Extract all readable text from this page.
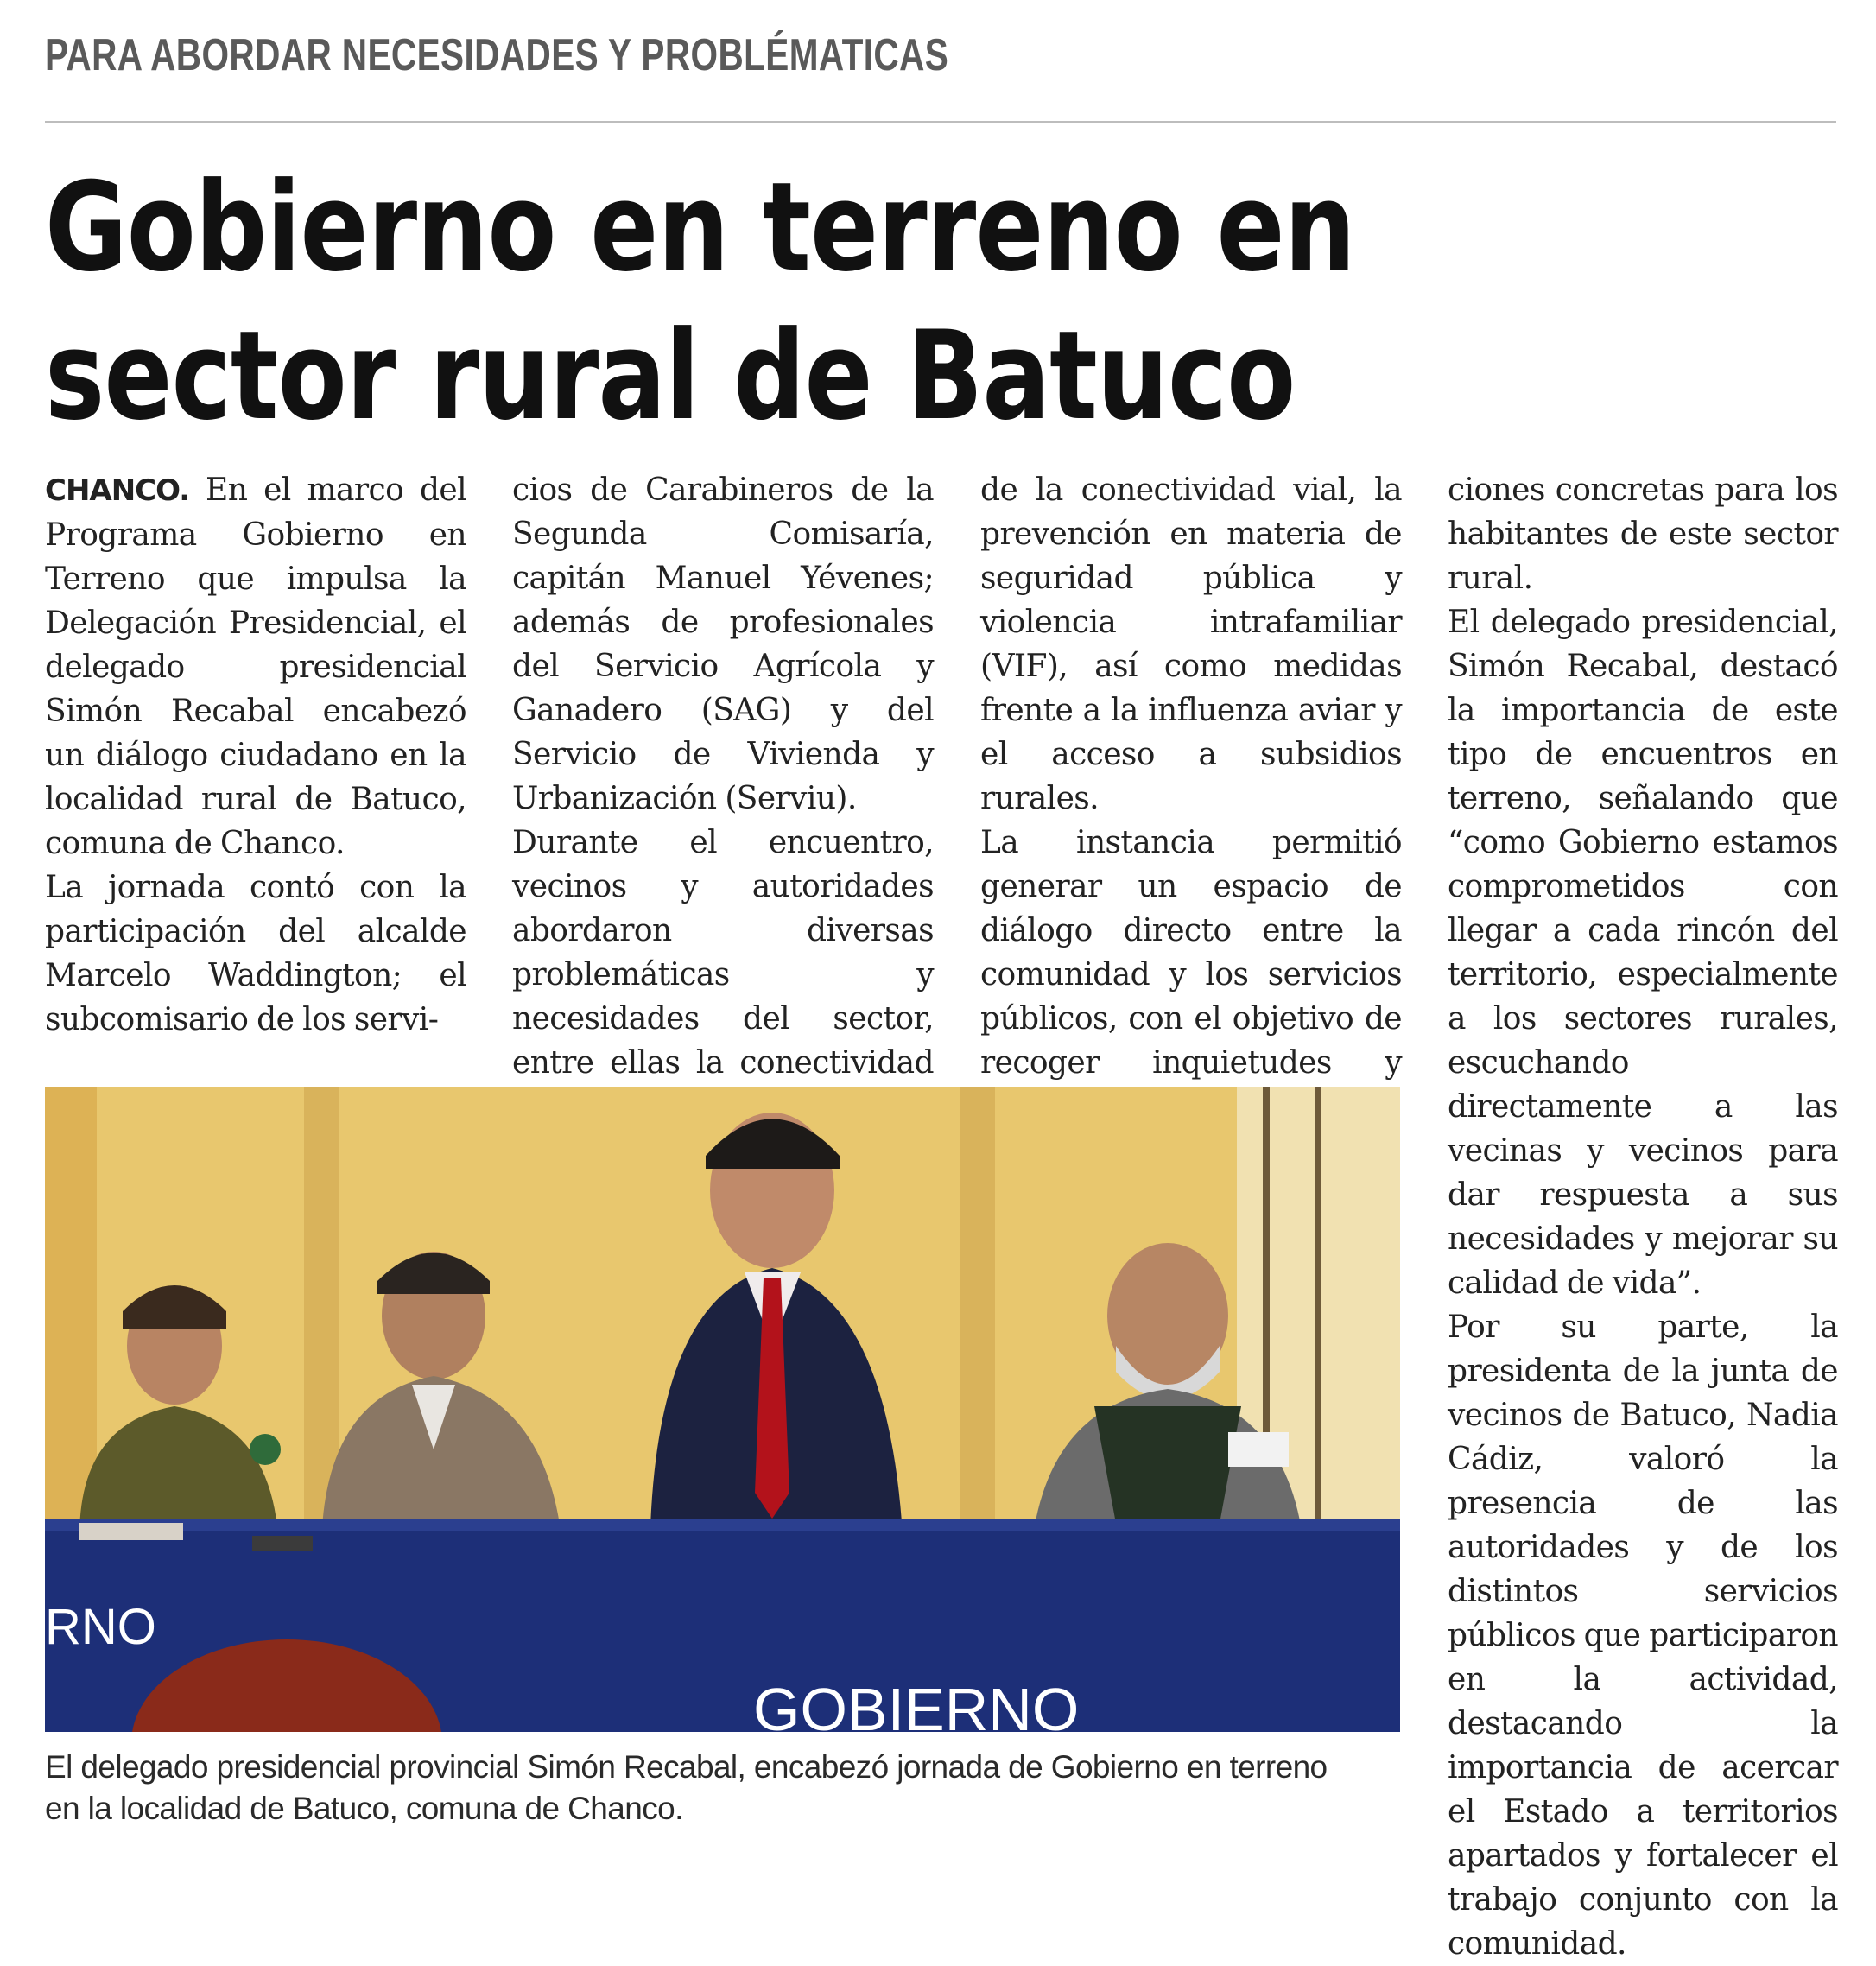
PARA ABORDAR NECESIDADES Y PROBLÉMATICAS
Gobierno en terreno en
sector rural de Batuco

CHANCO. En el marco del Programa Gobierno en Terreno que impulsa la Delegación Presidencial, el delegado presidencial Simón Recabal encabezó un diálogo ciudadano en la localidad rural de Batuco, comuna de Chanco.

La jornada contó con la participación del alcalde Marcelo Waddington; el subcomisario de los servi-

cios de Carabineros de la Segunda Comisaría, capitán Manuel Yévenes; además de profesionales del Servicio Agrícola y Ganadero (SAG) y del Servicio de Vivienda y Urbanización (Serviu).

Durante el encuentro, vecinos y autoridades abordaron diversas problemáticas y necesidades del sector, entre ellas la conectividad

de la conectividad vial, la prevención en materia de seguridad pública y violencia intrafamiliar (VIF), así como medidas frente a la influenza aviar y el acceso a subsidios rurales.

La instancia permitió generar un espacio de diálogo directo entre la comunidad y los servicios públicos, con el objetivo de recoger inquietudes y

ciones concretas para los habitantes de este sector rural.

El delegado presidencial, Simón Recabal, destacó la importancia de este tipo de encuentros en terreno, señalando que “como Gobierno estamos comprometidos con llegar a cada rincón del territorio, especialmente a los sectores rurales, escuchando directamente a las vecinas y vecinos para dar respuesta a sus necesidades y mejorar su calidad de vida”.

Por su parte, la presidenta de la junta de vecinos de Batuco, Nadia Cádiz, valoró la presencia de las autoridades y de los distintos servicios públicos que participaron en la actividad, destacando la importancia de acercar el Estado a territorios apartados y fortalecer el trabajo conjunto con la comunidad.

RNO
GOBIERNO

El delegado presidencial provincial Simón Recabal, encabezó jornada de Gobierno en terreno

en la localidad de Batuco, comuna de Chanco.
